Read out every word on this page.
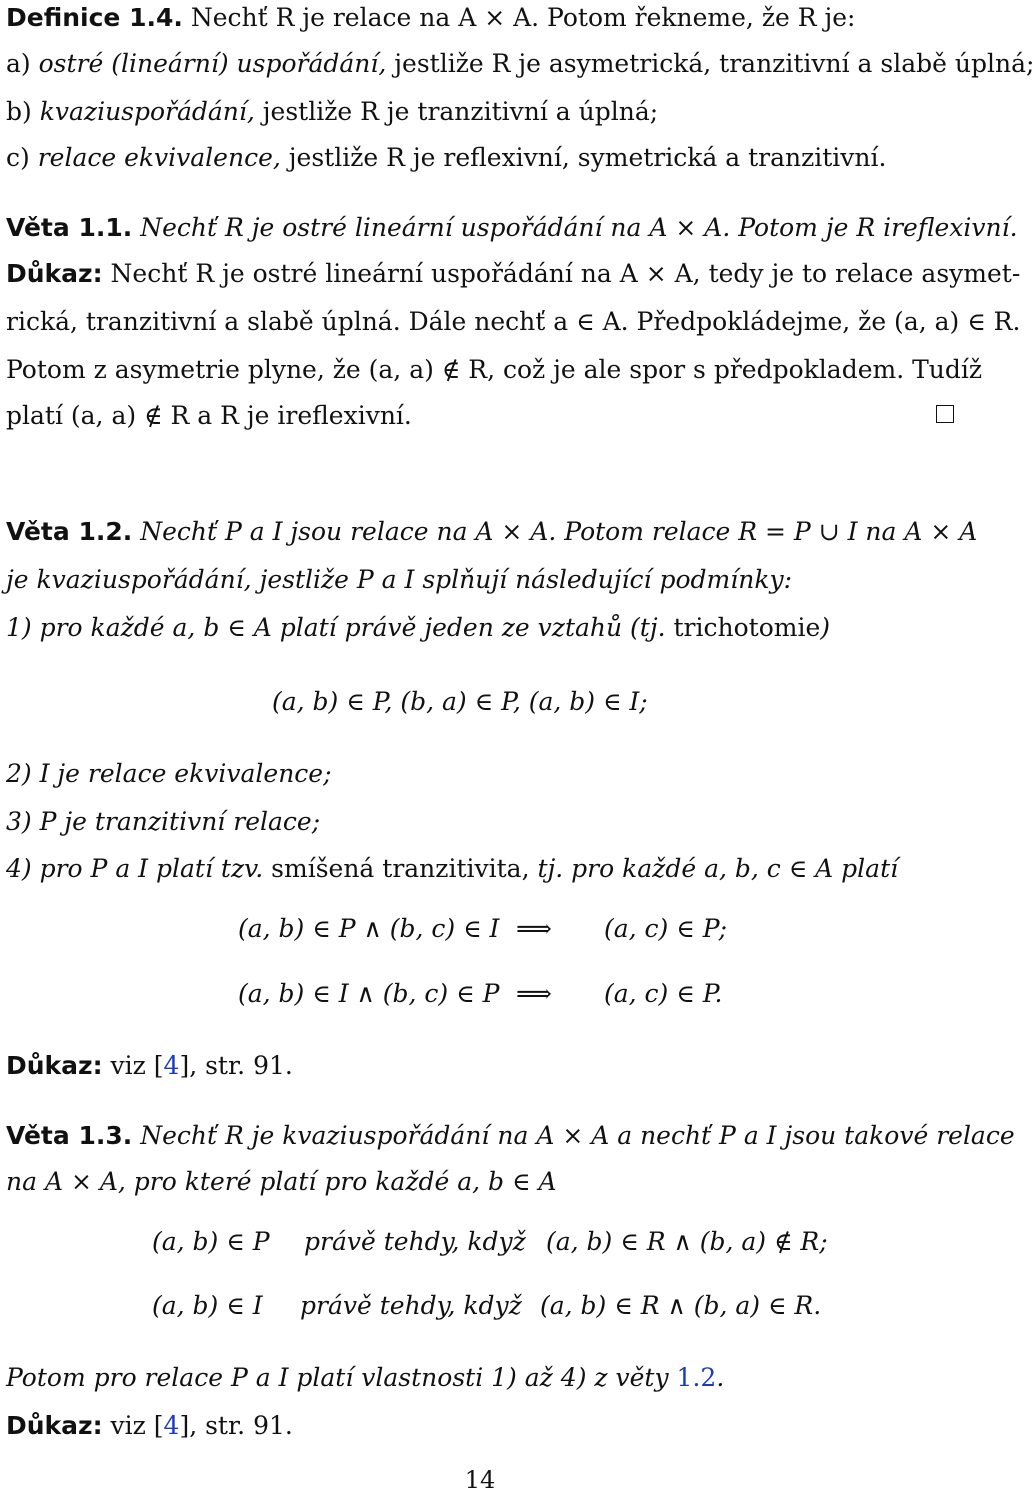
Definice 1.4. Nechť R je relace na A × A. Potom řekneme, že R je:

a) ostré (lineární) uspořádání, jestliže R je asymetrická, tranzitivní a slabě úplná;

b) kvaziuspořádání, jestliže R je tranzitivní a úplná;

c) relace ekvivalence, jestliže R je reflexivní, symetrická a tranzitivní.

Věta 1.1. Nechť R je ostré lineární uspořádání na A × A. Potom je R ireflexivní.

Důkaz: Nechť R je ostré lineární uspořádání na A × A, tedy je to relace asymet-

rická, tranzitivní a slabě úplná. Dále nechť a ∈ A. Předpokládejme, že (a, a) ∈ R.

Potom z asymetrie plyne, že (a, a) ∉ R, což je ale spor s předpokladem. Tudíž

platí (a, a) ∉ R a R je ireflexivní.

Věta 1.2. Nechť P a I jsou relace na A × A. Potom relace R = P ∪ I na A × A

je kvaziuspořádání, jestliže P a I splňují následující podmínky:

1) pro každé a, b ∈ A platí právě jeden ze vztahů (tj. trichotomie)

(a, b) ∈ P, (b, a) ∈ P, (a, b) ∈ I;

2) I je relace ekvivalence;

3) P je tranzitivní relace;

4) pro P a I platí tzv. smíšená tranzitivita, tj. pro každé a, b, c ∈ A platí

(a, b) ∈ P ∧ (b, c) ∈ I ⟹ (a, c) ∈ P;
(a, b) ∈ I ∧ (b, c) ∈ P ⟹ (a, c) ∈ P.

Důkaz: viz [4], str. 91.

Věta 1.3. Nechť R je kvaziuspořádání na A × A a nechť P a I jsou takové relace

na A × A, pro které platí pro každé a, b ∈ A

(a, b) ∈ P právě tehdy, když (a, b) ∈ R ∧ (b, a) ∉ R;
(a, b) ∈ I právě tehdy, když (a, b) ∈ R ∧ (b, a) ∈ R.

Potom pro relace P a I platí vlastnosti 1) až 4) z věty 1.2.

Důkaz: viz [4], str. 91.

14
